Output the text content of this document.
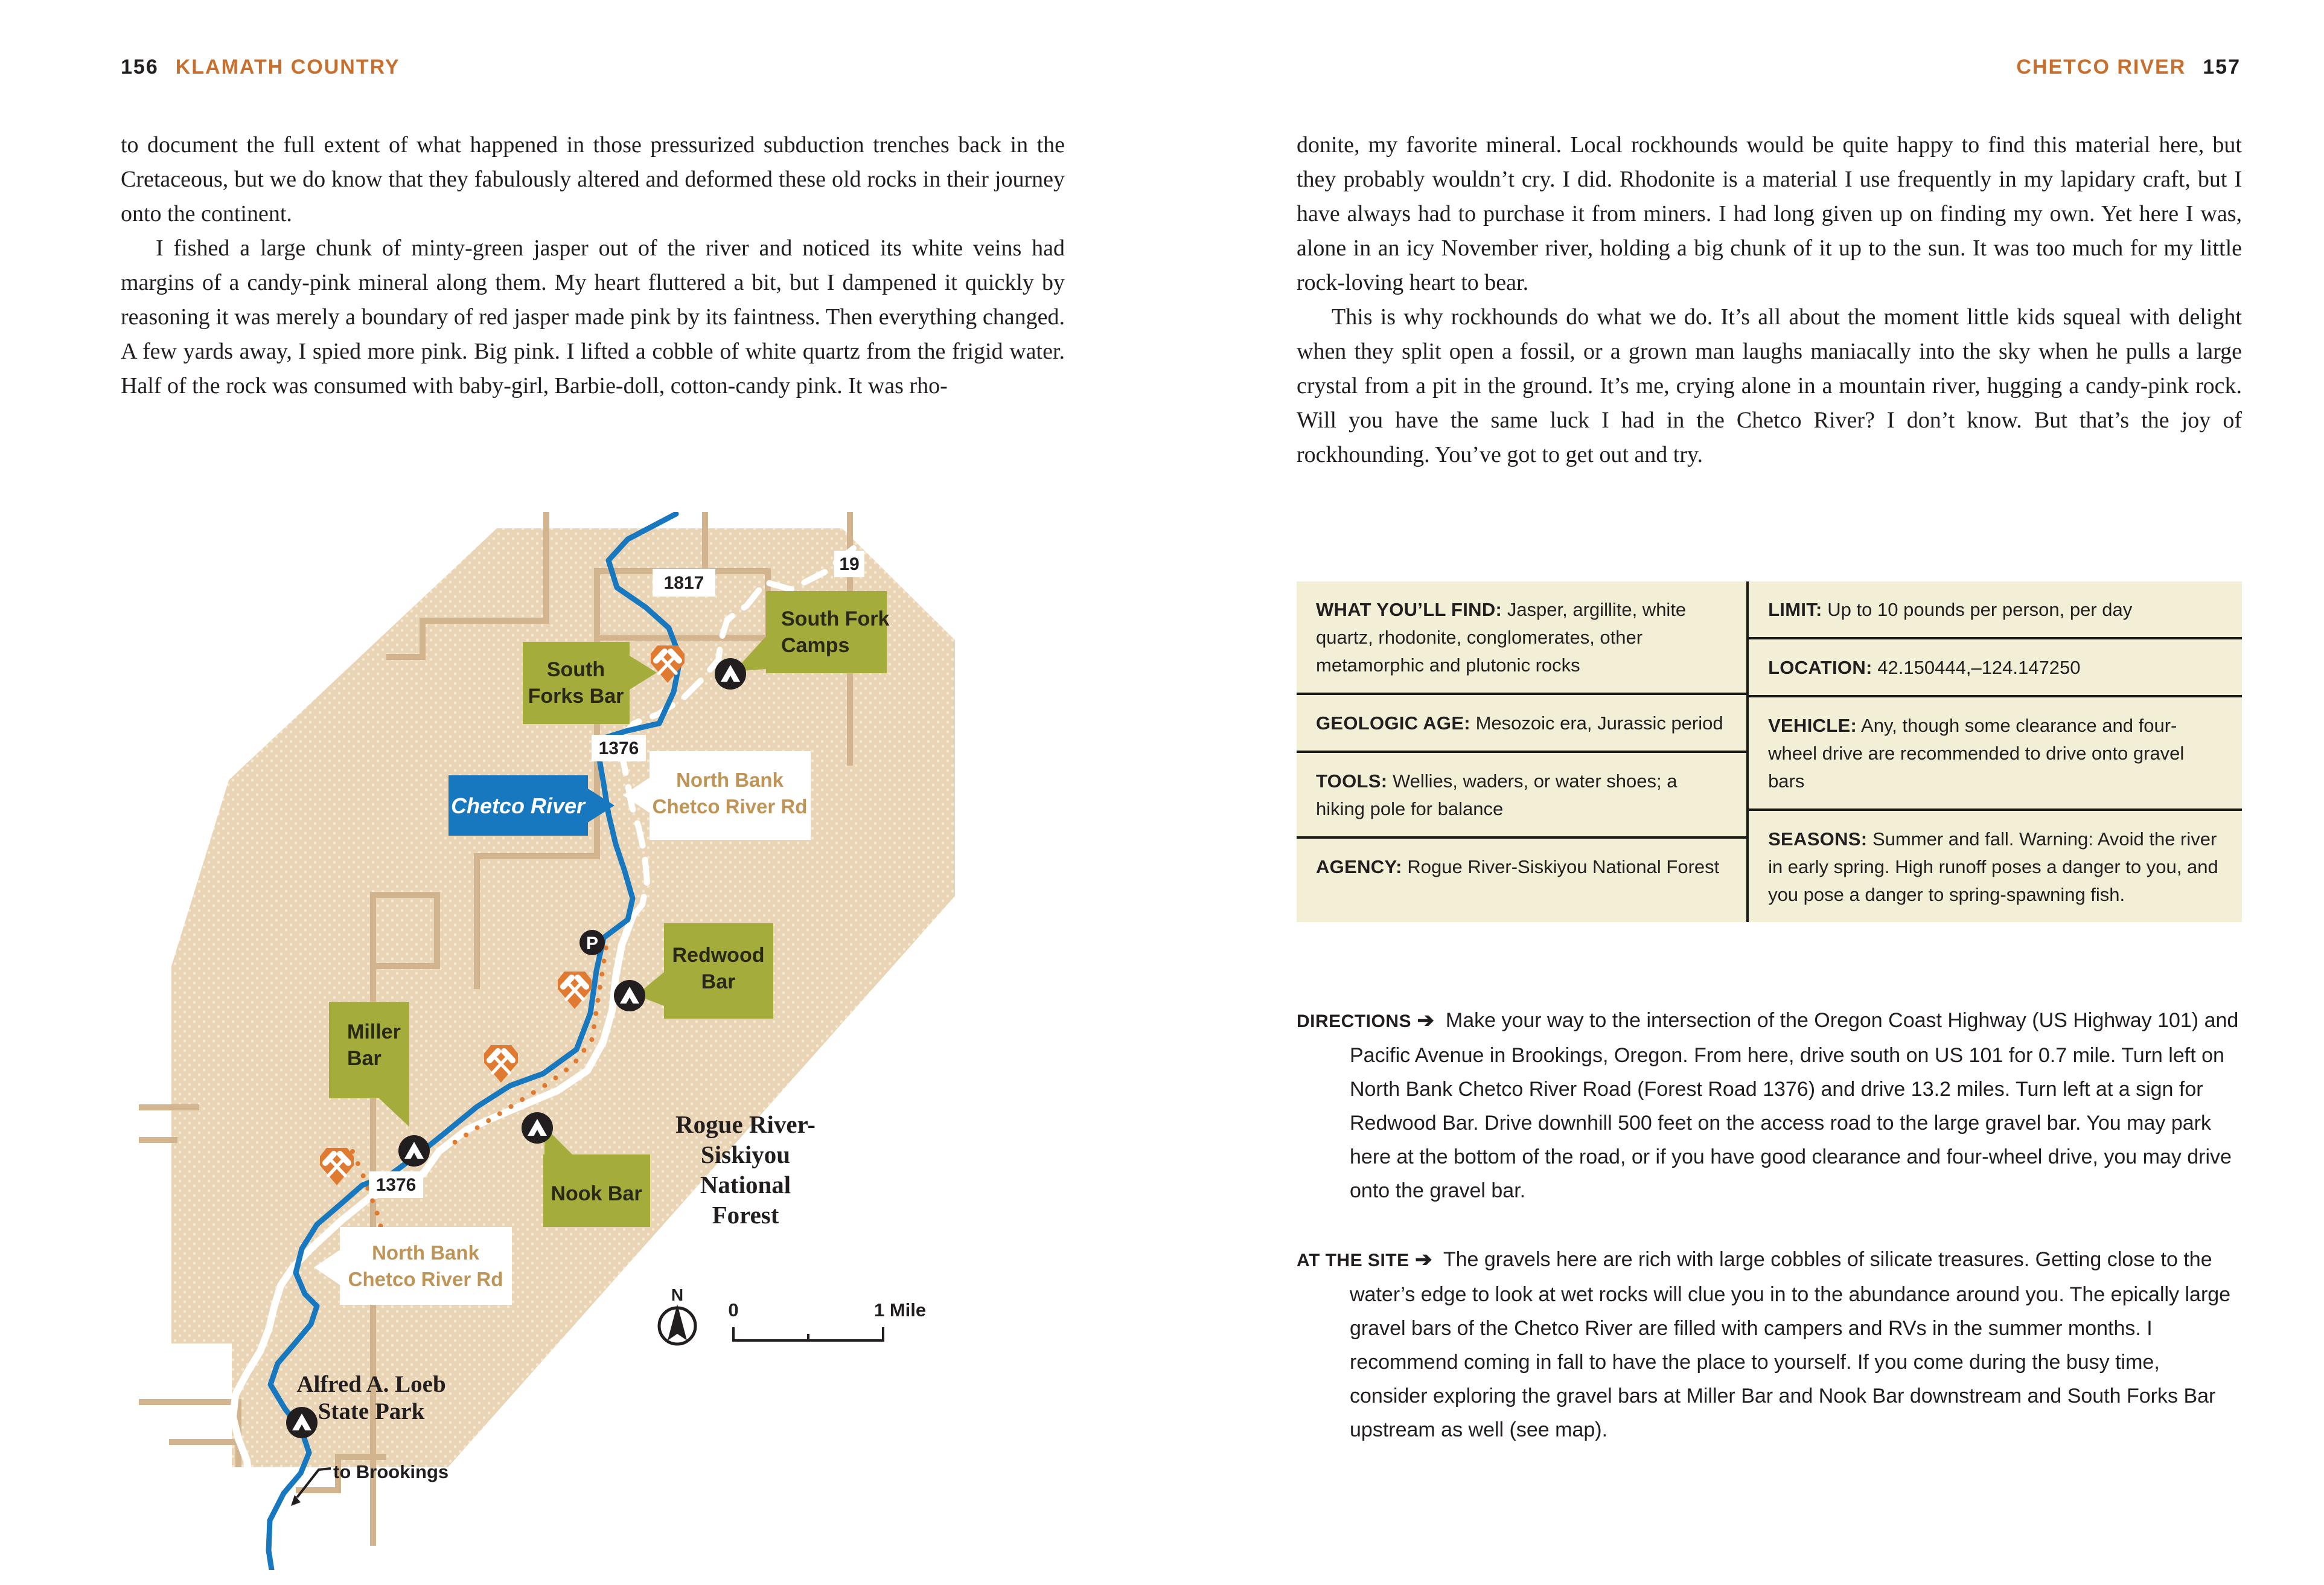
156 KLAMATH COUNTRY	CHETCO RIVER 157

to document the full extent of what happened in those pressurized subduction trenches back in the Cretaceous, but we do know that they fabulously altered and deformed these old rocks in their journey onto the continent.

I fished a large chunk of minty-green jasper out of the river and noticed its white veins had margins of a candy-pink mineral along them. My heart fluttered a bit, but I dampened it quickly by reasoning it was merely a boundary of red jasper made pink by its faintness. Then everything changed. A few yards away, I spied more pink. Big pink. I lifted a cobble of white quartz from the frigid water. Half of the rock was consumed with baby-girl, Barbie-doll, cotton-candy pink. It was rho-

donite, my favorite mineral. Local rockhounds would be quite happy to find this material here, but they probably wouldn’t cry. I did. Rhodonite is a material I use frequently in my lapidary craft, but I have always had to purchase it from miners. I had long given up on finding my own. Yet here I was, alone in an icy November river, holding a big chunk of it up to the sun. It was too much for my little rock-loving heart to bear.

This is why rockhounds do what we do. It’s all about the moment little kids squeal with delight when they split open a fossil, or a grown man laughs maniacally into the sky when he pulls a large crystal from a pit in the ground. It’s me, crying alone in a mountain river, hugging a candy-pink rock. Will you have the same luck I had in the Chetco River? I don’t know. But that’s the joy of rockhounding. You’ve got to get out and try.

WHAT YOU’LL FIND: Jasper, argillite, white quartz, rhodonite, conglomerates, other metamorphic and plutonic rocks
GEOLOGIC AGE: Mesozoic era, Jurassic period
TOOLS: Wellies, waders, or water shoes; a hiking pole for balance
AGENCY: Rogue River-Siskiyou National Forest
LIMIT: Up to 10 pounds per person, per day
LOCATION: 42.150444,–124.147250
VEHICLE: Any, though some clearance and four-wheel drive are recommended to drive onto gravel bars
SEASONS: Summer and fall. Warning: Avoid the river in early spring. High runoff poses a danger to you, and you pose a danger to spring-spawning fish.

DIRECTIONS ➔ Make your way to the intersection of the Oregon Coast Highway (US Highway 101) and Pacific Avenue in Brookings, Oregon. From here, drive south on US 101 for 0.7 mile. Turn left on North Bank Chetco River Road (Forest Road 1376) and drive 13.2 miles. Turn left at a sign for Redwood Bar. Drive downhill 500 feet on the access road to the large gravel bar. You may park here at the bottom of the road, or if you have good clearance and four-wheel drive, you may drive onto the gravel bar.

AT THE SITE ➔ The gravels here are rich with large cobbles of silicate treasures. Getting close to the water’s edge to look at wet rocks will clue you in to the abundance around you. The epically large gravel bars of the Chetco River are filled with campers and RVs in the summer months. I recommend coming in fall to have the place to yourself. If you come during the busy time, consider exploring the gravel bars at Miller Bar and Nook Bar downstream and South Forks Bar upstream as well (see map).

1817
19
1376
1376
South Fork
Camps
South
Forks Bar
Chetco River
North Bank
Chetco River Rd
Redwood
Bar
Miller
Bar
Nook Bar
North Bank
Chetco River Rd
Rogue River-
Siskiyou
National
Forest
Alfred A. Loeb
State Park
to Brookings
P
N
0	1 Mile
